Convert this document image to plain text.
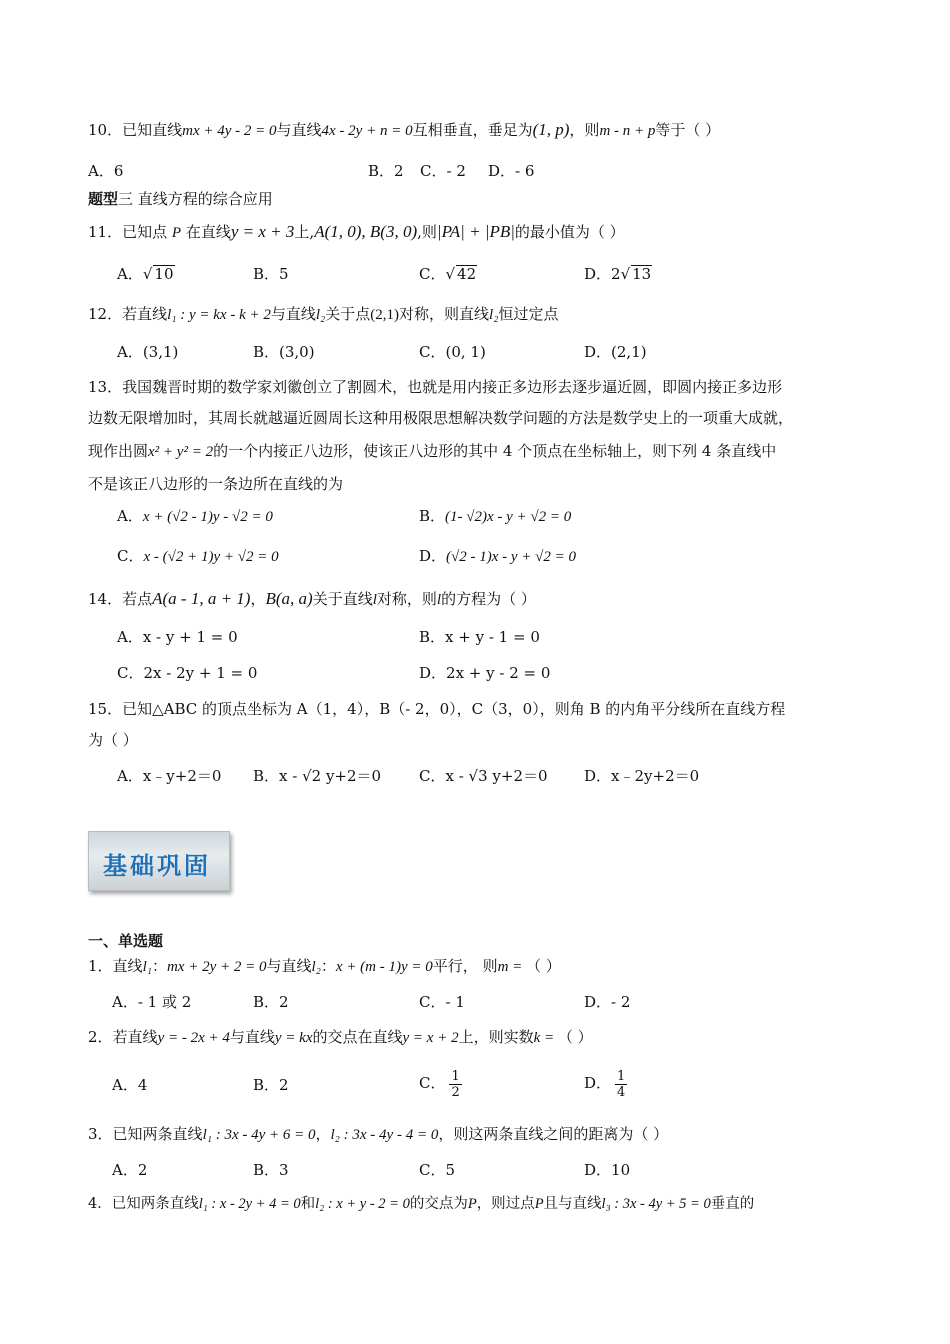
10．已知直线mx + 4y - 2 = 0与直线4x - 2y + n = 0互相垂直，垂足为(1, p)，则m - n + p等于（ ）
A．6	B．2 C．- 2 D．- 6
题型三 直线方程的综合应用
11．已知点 P 在直线y = x + 3上,A(1, 0), B(3, 0),则|PA| + |PB|的最小值为（ ）
A．√ 10	B．5	C．√ 42	D．2√ 13
12．若直线l₁ : y = kx - k + 2与直线l₂关于点(2,1)对称，则直线l₂恒过定点
A．(3,1)	B．(3,0)	C．(0, 1)	D．(2,1)
13．我国魏晋时期的数学家刘徽创立了割圆术，也就是用内接正多边形去逐步逼近圆，即圆内接正多边形
边数无限增加时，其周长就越逼近圆周长这种用极限思想解决数学问题的方法是数学史上的一项重大成就，
现作出圆x² + y² = 2的一个内接正八边形，使该正八边形的其中 4 个顶点在坐标轴上，则下列 4 条直线中
不是该正八边形的一条边所在直线的为
A．x + (√2 - 1)y - √2 = 0	B．(1- √2)x - y + √2 = 0
C．x - (√2 + 1)y + √2 = 0	D．(√2 - 1)x - y + √2 = 0
14．若点A(a - 1, a + 1)，B(a, a)关于直线l对称，则l的方程为（ ）
A．x - y + 1 = 0	B．x + y - 1 = 0
C．2x - 2y + 1 = 0	D．2x + y - 2 = 0
15．已知△ABC 的顶点坐标为 A（1，4），B（- 2，0），C（3，0），则角 B 的内角平分线所在直线方程
为（ ）
A．x﹣y+2＝0 B．x - √2 y+2＝0	C．x - √3 y+2＝0 D．x﹣2y+2＝0
基础巩固
一、单选题
1．直线l₁：mx + 2y + 2 = 0与直线l₂：x + (m - 1)y = 0平行， 则m = （ ）
A．- 1 或 2	B．2	C．- 1	D．- 2
2．若直线y = - 2x + 4与直线y = kx的交点在直线y = x + 2上，则实数k = （ ）
A．4	B．2	C． $\frac{1}{2}$	D． $\frac{1}{4}$
3．已知两条直线l₁ : 3x - 4y + 6 = 0，l₂ : 3x - 4y - 4 = 0，则这两条直线之间的距离为（ ）
A．2	B．3	C．5	D．10
4．已知两条直线l₁ : x - 2y + 4 = 0和l₂ : x + y - 2 = 0的交点为P，则过点P且与直线l₃ : 3x - 4y + 5 = 0垂直的
